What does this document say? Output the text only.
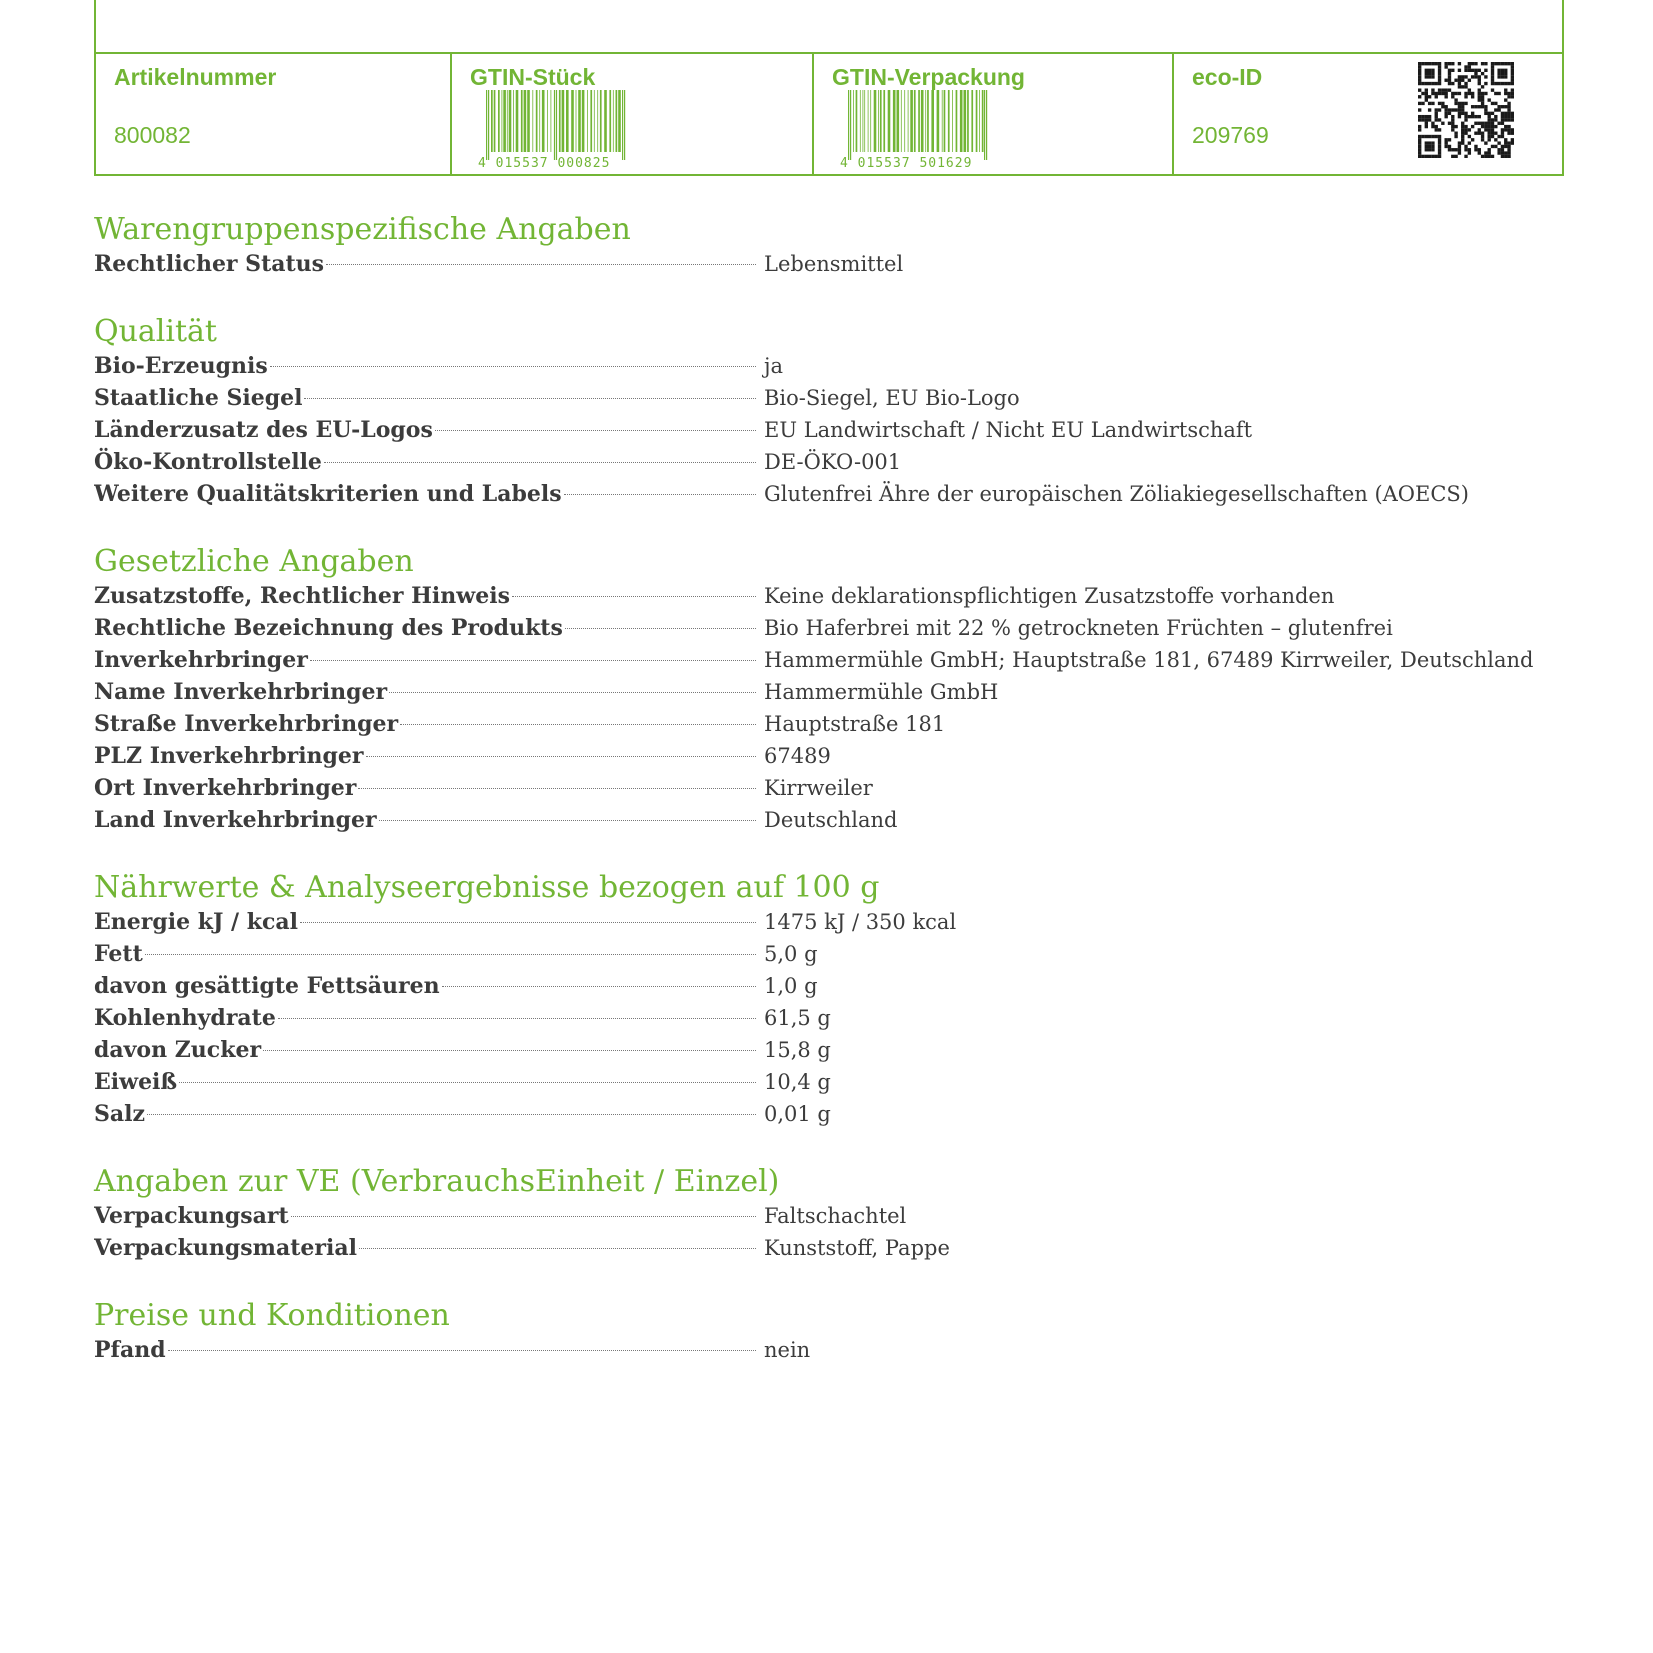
Artikelnummer
800082
GTIN-Stück
4 015537 000825
GTIN-Verpackung
4 015537 501629
eco-ID
209769
Warengruppenspezifische Angaben
Rechtlicher Status	Lebensmittel
Qualität
Bio-Erzeugnis	ja
Staatliche Siegel	Bio-Siegel, EU Bio-Logo
Länderzusatz des EU-Logos	EU Landwirtschaft / Nicht EU Landwirtschaft
Öko-Kontrollstelle	DE-ÖKO-001
Weitere Qualitätskriterien und Labels	Glutenfrei Ähre der europäischen Zöliakiegesellschaften (AOECS)
Gesetzliche Angaben
Zusatzstoffe, Rechtlicher Hinweis	Keine deklarationspflichtigen Zusatzstoffe vorhanden
Rechtliche Bezeichnung des Produkts	Bio Haferbrei mit 22 % getrockneten Früchten – glutenfrei
Inverkehrbringer	Hammermühle GmbH; Hauptstraße 181, 67489 Kirrweiler, Deutschland
Name Inverkehrbringer	Hammermühle GmbH
Straße Inverkehrbringer	Hauptstraße 181
PLZ Inverkehrbringer	67489
Ort Inverkehrbringer	Kirrweiler
Land Inverkehrbringer	Deutschland
Nährwerte & Analyseergebnisse bezogen auf 100 g
Energie kJ / kcal	1475 kJ / 350 kcal
Fett	5,0 g
davon gesättigte Fettsäuren	1,0 g
Kohlenhydrate	61,5 g
davon Zucker	15,8 g
Eiweiß	10,4 g
Salz	0,01 g
Angaben zur VE (VerbrauchsEinheit / Einzel)
Verpackungsart	Faltschachtel
Verpackungsmaterial	Kunststoff, Pappe
Preise und Konditionen
Pfand	nein
